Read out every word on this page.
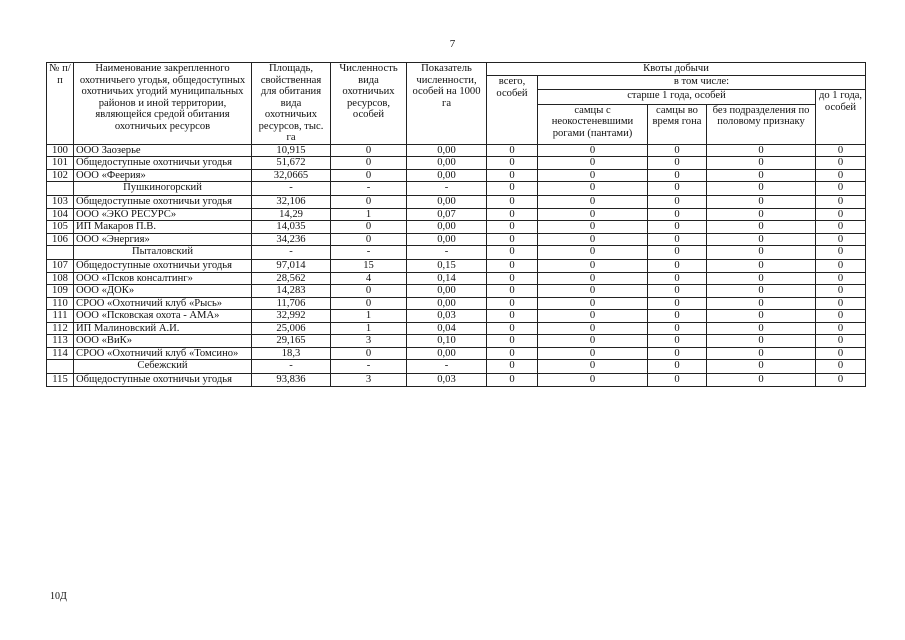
7
№ п/п	Наименование закрепленного охотничьего угодья, общедоступных охотничьих угодий муниципальных районов и иной территории, являющейся средой обитания охотничьих ресурсов	Площадь, свойственная для обитания вида охотничьих ресурсов, тыс. га	Численность вида охотничьих ресурсов, особей	Показатель численности, особей на 1000 га	Квоты добычи				
					всего, особей	в том числе:			
						старше 1 года, особей			до 1 года, особей
						самцы с неокостеневшими рогами (пантами)	самцы во время гона	без подразделения по половому признаку	
100	ООО Заозерье	10,915	0	0,00	0	0	0	0	0
101	Общедоступные охотничьи угодья	51,672	0	0,00	0	0	0	0	0
102	ООО «Феерия»	32,0665	0	0,00	0	0	0	0	0
	Пушкиногорский	-	-	-	0	0	0	0	0
103	Общедоступные охотничьи угодья	32,106	0	0,00	0	0	0	0	0
104	ООО «ЭКО РЕСУРС»	14,29	1	0,07	0	0	0	0	0
105	ИП Макаров П.В.	14,035	0	0,00	0	0	0	0	0
106	ООО «Энергия»	34,236	0	0,00	0	0	0	0	0
	Пыталовский	-	-	-	0	0	0	0	0
107	Общедоступные охотничьи угодья	97,014	15	0,15	0	0	0	0	0
108	ООО «Псков консалтинг»	28,562	4	0,14	0	0	0	0	0
109	ООО «ДОК»	14,283	0	0,00	0	0	0	0	0
110	СРОО «Охотничий клуб «Рысь»	11,706	0	0,00	0	0	0	0	0
111	ООО «Псковская охота - АМА»	32,992	1	0,03	0	0	0	0	0
112	ИП Малиновский А.И.	25,006	1	0,04	0	0	0	0	0
113	ООО «ВиК»	29,165	3	0,10	0	0	0	0	0
114	СРОО «Охотничий клуб «Томсино»	18,3	0	0,00	0	0	0	0	0
	Себежский	-	-	-	0	0	0	0	0
115	Общедоступные охотничьи угодья	93,836	3	0,03	0	0	0	0	0
10Д
